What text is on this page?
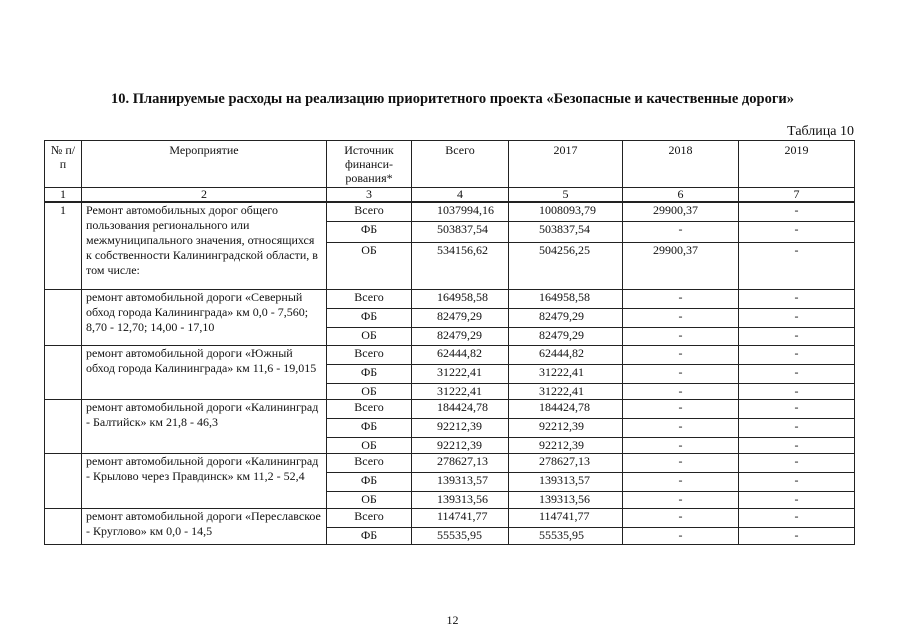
10. Планируемые расходы на реализацию приоритетного проекта «Безопасные и качественные дороги»
Таблица 10
№ п/п	Мероприятие	Источник финанси-рования*	Всего	2017	2018	2019
1	2	3	4	5	6	7
1	Ремонт автомобильных дорог общего пользования регионального или межмуниципального значения, относящихся к собственности Калининградской области, в том числе:	Всего	1037994,16	1008093,79	29900,37	-
		ФБ	503837,54	503837,54	-	-
		ОБ	534156,62	504256,25	29900,37	-
	ремонт автомобильной дороги «Северный обход города Калининграда» км 0,0 - 7,560; 8,70 - 12,70; 14,00 - 17,10	Всего	164958,58	164958,58	-	-
		ФБ	82479,29	82479,29	-	-
		ОБ	82479,29	82479,29	-	-
	ремонт автомобильной дороги «Южный обход города Калининграда» км 11,6 - 19,015	Всего	62444,82	62444,82	-	-
		ФБ	31222,41	31222,41	-	-
		ОБ	31222,41	31222,41	-	-
	ремонт автомобильной дороги «Калининград - Балтийск» км 21,8 - 46,3	Всего	184424,78	184424,78	-	-
		ФБ	92212,39	92212,39	-	-
		ОБ	92212,39	92212,39	-	-
	ремонт автомобильной дороги «Калининград - Крылово через Правдинск» км 11,2 - 52,4	Всего	278627,13	278627,13	-	-
		ФБ	139313,57	139313,57	-	-
		ОБ	139313,56	139313,56	-	-
	ремонт автомобильной дороги «Переславское - Круглово» км 0,0 - 14,5	Всего	114741,77	114741,77	-	-
		ФБ	55535,95	55535,95	-	-
12
